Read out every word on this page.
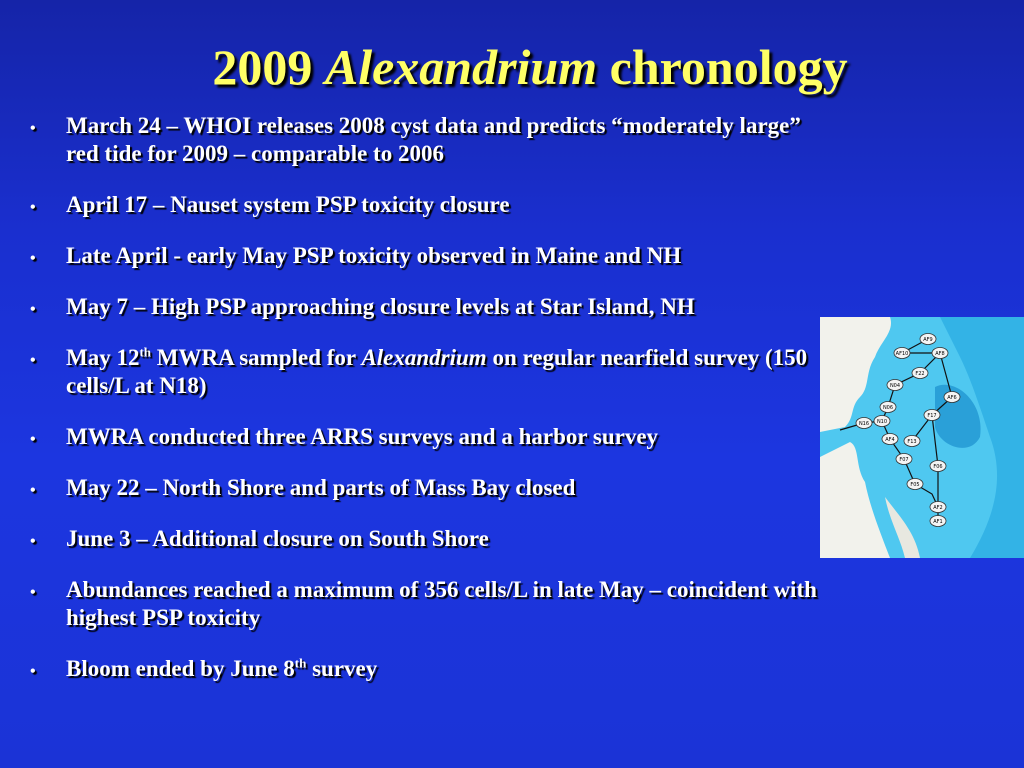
2009 Alexandrium chronology
• March 24 – WHOI releases 2008 cyst data and predicts “moderately large” red tide for 2009 – comparable to 2006
• April 17 – Nauset system PSP toxicity closure
• Late April - early May PSP toxicity observed in Maine and NH
• May 7 – High PSP approaching closure levels at Star Island, NH
• May 12th MWRA sampled for Alexandrium on regular nearfield survey (150 cells/L at N18)
• MWRA conducted three ARRS surveys and a harbor survey
• May 22 – North Shore and parts of Mass Bay closed
• June 3 – Additional closure on South Shore
• Abundances reached a maximum of 356 cells/L in late May – coincident with highest PSP toxicity
• Bloom ended by June 8th survey
AF9
AF10	AF8
F22
N04
AF6
N06
N10
F17
N16
F13
AF4
F06
F07
AF2
F05
AF1
